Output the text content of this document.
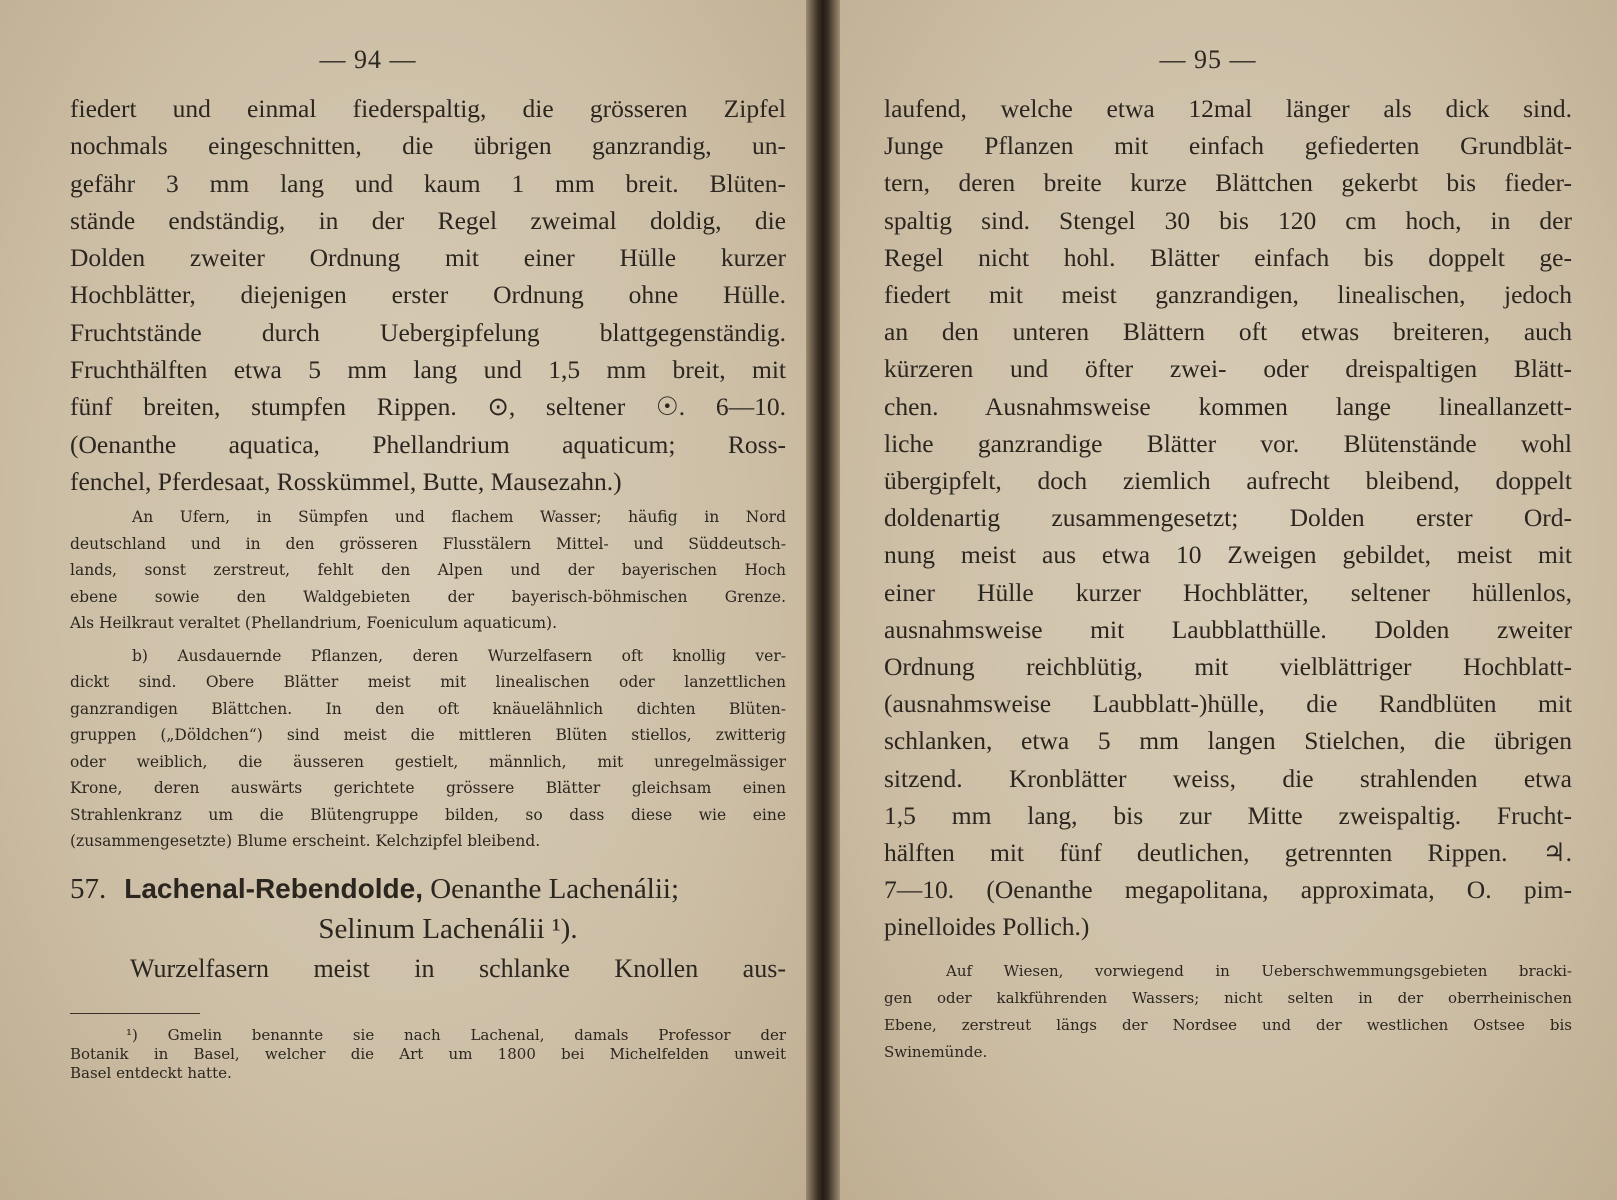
— 94 —

fiedert und einmal fiederspaltig, die grösseren Zipfel

nochmals eingeschnitten, die übrigen ganzrandig, un-

gefähr 3 mm lang und kaum 1 mm breit. Blüten-

stände endständig, in der Regel zweimal doldig, die

Dolden zweiter Ordnung mit einer Hülle kurzer

Hochblätter, diejenigen erster Ordnung ohne Hülle.

Fruchtstände durch Uebergipfelung blattgegenständig.

Fruchthälften etwa 5 mm lang und 1,5 mm breit, mit

fünf breiten, stumpfen Rippen. ⊙, seltener ☉. 6—10.

(Oenanthe aquatica, Phellandrium aquaticum; Ross-

fenchel, Pferdesaat, Rosskümmel, Butte, Mausezahn.)

An Ufern, in Sümpfen und flachem Wasser; häufig in Nord

deutschland und in den grösseren Flusstälern Mittel- und Süddeutsch-

lands, sonst zerstreut, fehlt den Alpen und der bayerischen Hoch

ebene sowie den Waldgebieten der bayerisch-böhmischen Grenze.

Als Heilkraut veraltet (Phellandrium, Foeniculum aquaticum).

b) Ausdauernde Pflanzen, deren Wurzelfasern oft knollig ver-

dickt sind. Obere Blätter meist mit linealischen oder lanzettlichen

ganzrandigen Blättchen. In den oft knäuelähnlich dichten Blüten-

gruppen („Döldchen“) sind meist die mittleren Blüten stiellos, zwitterig

oder weiblich, die äusseren gestielt, männlich, mit unregelmässiger

Krone, deren auswärts gerichtete grössere Blätter gleichsam einen

Strahlenkranz um die Blütengruppe bilden, so dass diese wie eine

(zusammengesetzte) Blume erscheint. Kelchzipfel bleibend.

57. Lachenal-Rebendolde, Oenanthe Lachenálii;
Selinum Lachenálii ¹).
Wurzelfasern meist in schlanke Knollen aus-

¹) Gmelin benannte sie nach Lachenal, damals Professor der

Botanik in Basel, welcher die Art um 1800 bei Michelfelden unweit

Basel entdeckt hatte.

— 95 —

laufend, welche etwa 12mal länger als dick sind.

Junge Pflanzen mit einfach gefiederten Grundblät-

tern, deren breite kurze Blättchen gekerbt bis fieder-

spaltig sind. Stengel 30 bis 120 cm hoch, in der

Regel nicht hohl. Blätter einfach bis doppelt ge-

fiedert mit meist ganzrandigen, linealischen, jedoch

an den unteren Blättern oft etwas breiteren, auch

kürzeren und öfter zwei- oder dreispaltigen Blätt-

chen. Ausnahmsweise kommen lange lineallanzett-

liche ganzrandige Blätter vor. Blütenstände wohl

übergipfelt, doch ziemlich aufrecht bleibend, doppelt

doldenartig zusammengesetzt; Dolden erster Ord-

nung meist aus etwa 10 Zweigen gebildet, meist mit

einer Hülle kurzer Hochblätter, seltener hüllenlos,

ausnahmsweise mit Laubblatthülle. Dolden zweiter

Ordnung reichblütig, mit vielblättriger Hochblatt-

(ausnahmsweise Laubblatt-)hülle, die Randblüten mit

schlanken, etwa 5 mm langen Stielchen, die übrigen

sitzend. Kronblätter weiss, die strahlenden etwa

1,5 mm lang, bis zur Mitte zweispaltig. Frucht-

hälften mit fünf deutlichen, getrennten Rippen. ♃.

7—10. (Oenanthe megapolitana, approximata, O. pim-

pinelloides Pollich.)

Auf Wiesen, vorwiegend in Ueberschwemmungsgebieten bracki-

gen oder kalkführenden Wassers; nicht selten in der oberrheinischen

Ebene, zerstreut längs der Nordsee und der westlichen Ostsee bis

Swinemünde.
